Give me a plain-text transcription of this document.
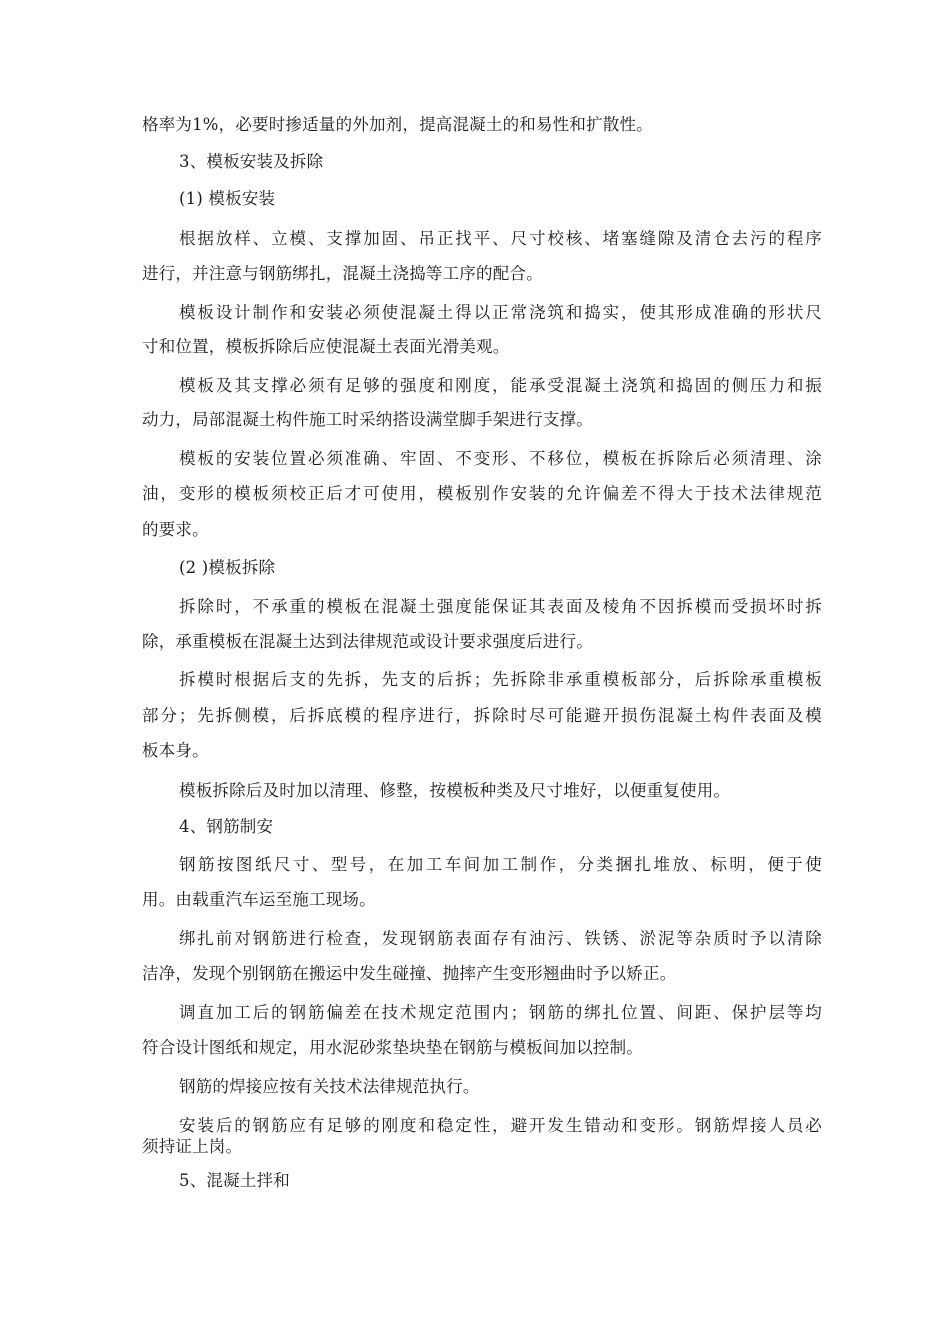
格率为1%，必要时掺适量的外加剂，提高混凝土的和易性和扩散性。
3、模板安装及拆除
(1) 模板安装
根据放样、立模、支撑加固、吊正找平、尺寸校核、堵塞缝隙及清仓去污的程序
进行，并注意与钢筋绑扎，混凝土浇捣等工序的配合。
模板设计制作和安装必须使混凝土得以正常浇筑和捣实，使其形成准确的形状尺
寸和位置，模板拆除后应使混凝土表面光滑美观。
模板及其支撑必须有足够的强度和刚度，能承受混凝土浇筑和捣固的侧压力和振
动力，局部混凝土构件施工时采纳搭设满堂脚手架进行支撑。
模板的安装位置必须准确、牢固、不变形、不移位，模板在拆除后必须清理、涂
油，变形的模板须校正后才可使用，模板别作安装的允许偏差不得大于技术法律规范
的要求。
(2 )模板拆除
拆除时，不承重的模板在混凝土强度能保证其表面及棱角不因拆模而受损坏时拆
除，承重模板在混凝土达到法律规范或设计要求强度后进行。
拆模时根据后支的先拆，先支的后拆；先拆除非承重模板部分，后拆除承重模板
部分；先拆侧模，后拆底模的程序进行，拆除时尽可能避开损伤混凝土构件表面及模
板本身。
模板拆除后及时加以清理、修整，按模板种类及尺寸堆好，以便重复使用。
4、钢筋制安
钢筋按图纸尺寸、型号，在加工车间加工制作，分类捆扎堆放、标明，便于使
用。由载重汽车运至施工现场。
绑扎前对钢筋进行检查，发现钢筋表面存有油污、铁锈、淤泥等杂质时予以清除
洁净，发现个别钢筋在搬运中发生碰撞、抛摔产生变形翘曲时予以矫正。
调直加工后的钢筋偏差在技术规定范围内；钢筋的绑扎位置、间距、保护层等均
符合设计图纸和规定，用水泥砂浆垫块垫在钢筋与模板间加以控制。
钢筋的焊接应按有关技术法律规范执行。
安装后的钢筋应有足够的刚度和稳定性，避开发生错动和变形。钢筋焊接人员必
须持证上岗。
5、混凝土拌和
